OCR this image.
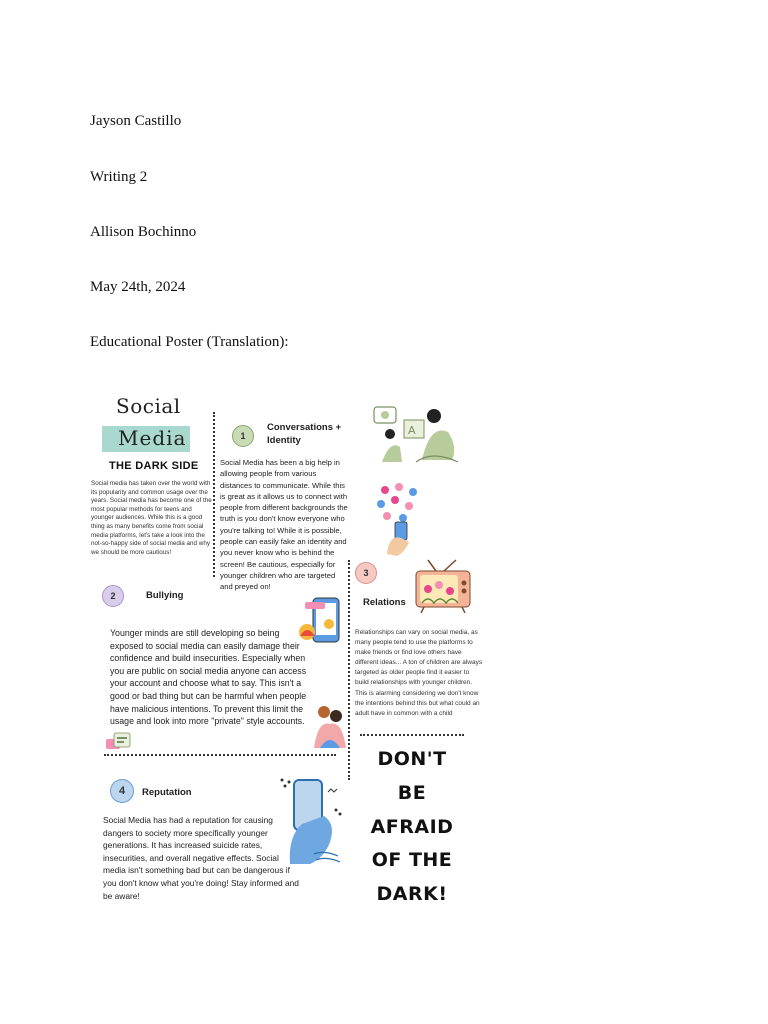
Jayson Castillo
Writing 2
Allison Bochinno
May 24th, 2024
Educational Poster (Translation):
Social
Media
THE DARK SIDE
Social media has taken over the world with its popularity and common usage over the years. Social media has become one of the most popular methods for teens and younger audiences. While this is a good thing as many benefits come from social media platforms, let's take a look into the not-so-happy side of social media and why we should be more cautious!
1
Conversations + Identity
Social Media has been a big help in allowing people from various distances to communicate. While this is great as it allows us to connect with people from different backgrounds the truth is you don't know everyone who you're talking to! While it is possible, people can easily fake an identity and you never know who is behind the screen! Be cautious, especially for younger children who are targeted and preyed on!
A
2	Bullying
Younger minds are still developing so being exposed to social media can easily damage their confidence and build insecurities. Especially when you are public on social media anyone can access your account and choose what to say. This isn't a good or bad thing but can be harmful when people have malicious intentions. To prevent this limit the usage and look into more "private" style accounts.
3
Relations
Relationships can vary on social media, as many people tend to use the platforms to make friends or find love others have different ideas... A ton of children are always targeted as older people find it easier to build relationships with younger children. This is alarming considering we don't know the intentions behind this but what could an adult have in common with a child
4	Reputation
Social Media has had a reputation for causing dangers to society more specifically younger generations. It has increased suicide rates, insecurities, and overall negative effects. Social media isn't something bad but can be dangerous if you don't know what you're doing! Stay informed and be aware!
DON'T
BE
AFRAID
OF THE
DARK!
